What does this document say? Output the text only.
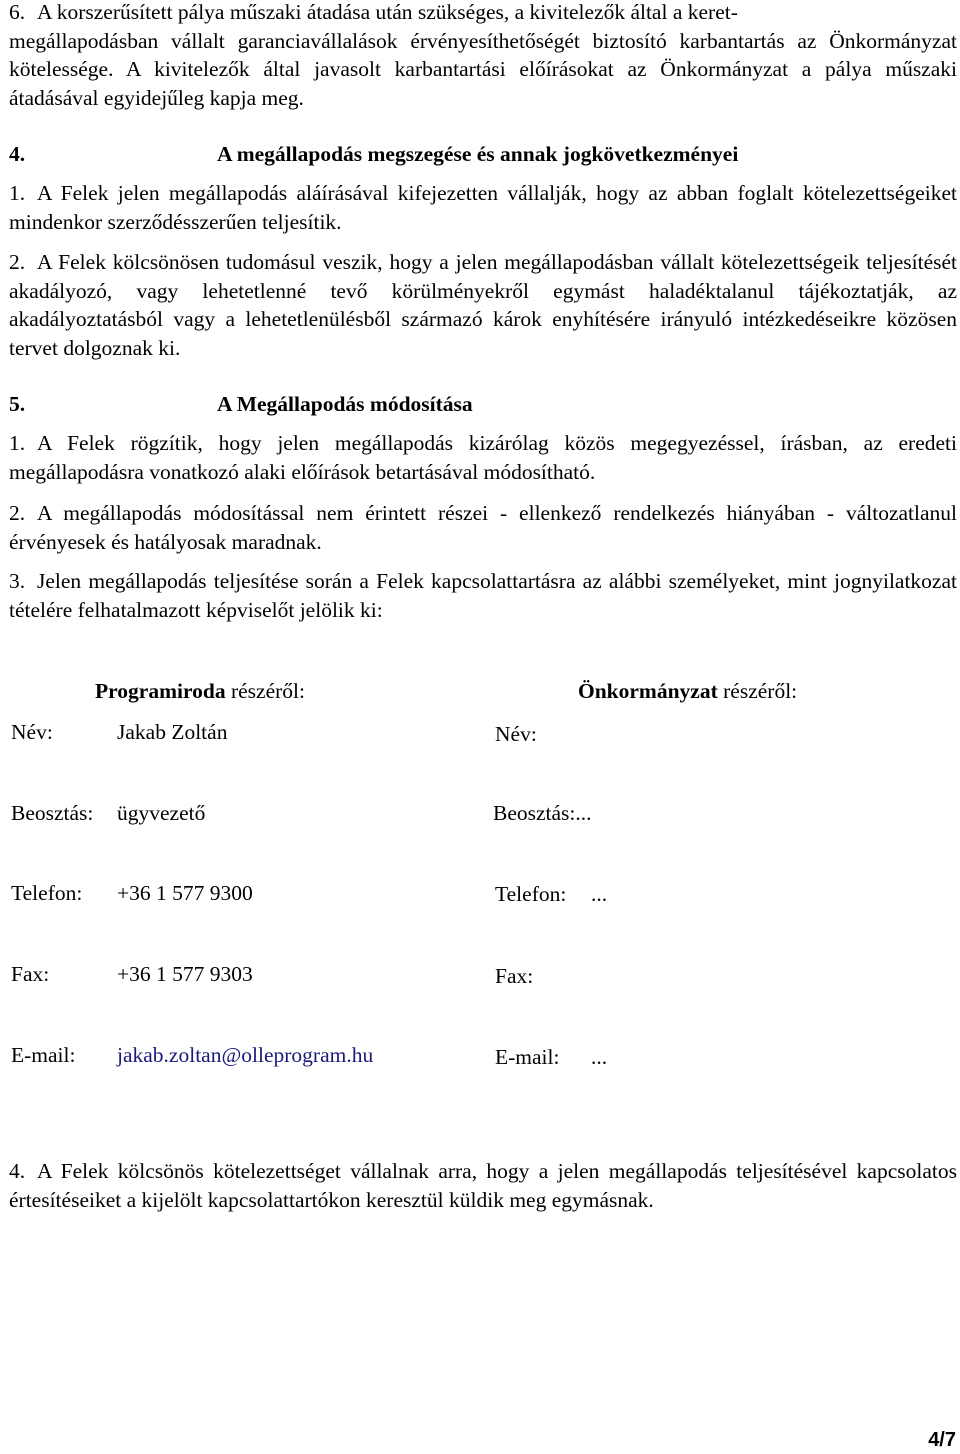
6. A korszerűsített pálya műszaki átadása után szükséges, a kivitelezők által a keret-
megállapodásban vállalt garanciavállalások érvényesíthetőségét biztosító karbantartás az Önkormányzat kötelessége. A kivitelezők által javasolt karbantartási előírásokat az Önkormányzat a pálya műszaki átadásával egyidejűleg kapja meg.
4.	A megállapodás megszegése és annak jogkövetkezményei
1. A Felek jelen megállapodás aláírásával kifejezetten vállalják, hogy az abban foglalt kötelezettségeiket mindenkor szerződésszerűen teljesítik.
2. A Felek kölcsönösen tudomásul veszik, hogy a jelen megállapodásban vállalt kötelezettségeik teljesítését akadályozó, vagy lehetetlenné tevő körülményekről egymást haladéktalanul tájékoztatják, az akadályoztatásból vagy a lehetetlenülésből származó károk enyhítésére irányuló intézkedéseikre közösen tervet dolgoznak ki.
5.	A Megállapodás módosítása
1. A Felek rögzítik, hogy jelen megállapodás kizárólag közös megegyezéssel, írásban, az eredeti megállapodásra vonatkozó alaki előírások betartásával módosítható.
2. A megállapodás módosítással nem érintett részei - ellenkező rendelkezés hiányában - változatlanul érvényesek és hatályosak maradnak.
3. Jelen megállapodás teljesítése során a Felek kapcsolattartásra az alábbi személyeket, mint jognyilatkozat tételére felhatalmazott képviselőt jelölik ki:
Programiroda részéről:
Név:	Jakab Zoltán
Beosztás: ügyvezető
Telefon: +36 1 577 9300
Fax:	+36 1 577 9303
E-mail: jakab.zoltan@olleprogram.hu
Önkormányzat részéről:
Név:
Beosztás:...
Telefon: ...
Fax:
E-mail: ...
4. A Felek kölcsönös kötelezettséget vállalnak arra, hogy a jelen megállapodás teljesítésével kapcsolatos értesítéseiket a kijelölt kapcsolattartókon keresztül küldik meg egymásnak.
4/7
